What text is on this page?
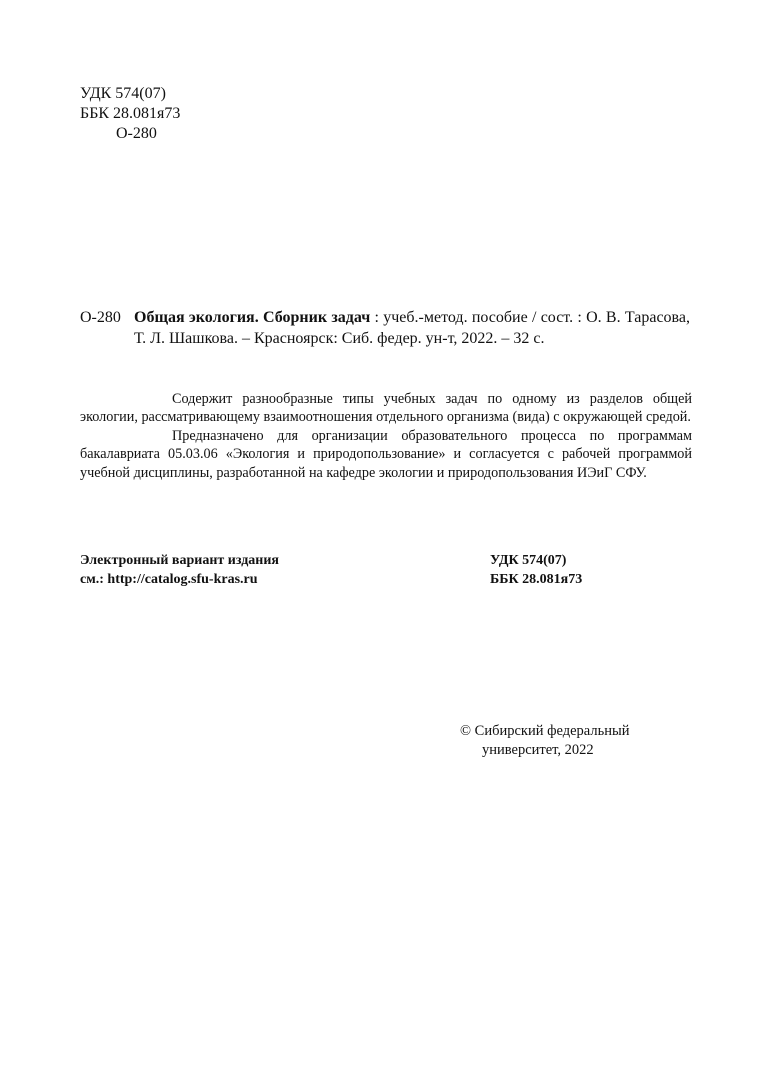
УДК 574(07)
ББК 28.081я73
О-280
О-280 Общая экология. Сборник задач : учеб.-метод. пособие / сост. : О. В. Тарасова, Т. Л. Шашкова. – Красноярск: Сиб. федер. ун-т, 2022. – 32 с.

Содержит разнообразные типы учебных задач по одному из разделов общей экологии, рассматривающему взаимоотношения отдельного организма (вида) с окружающей средой.

Предназначено для организации образовательного процесса по программам бакалавриата 05.03.06 «Экология и природопользование» и согласуется с рабочей программой учебной дисциплины, разработанной на кафедре экологии и природопользования ИЭиГ СФУ.

Электронный вариант издания
см.: http://catalog.sfu-kras.ru
УДК 574(07)
ББК 28.081я73
© Сибирский федеральный
университет, 2022
